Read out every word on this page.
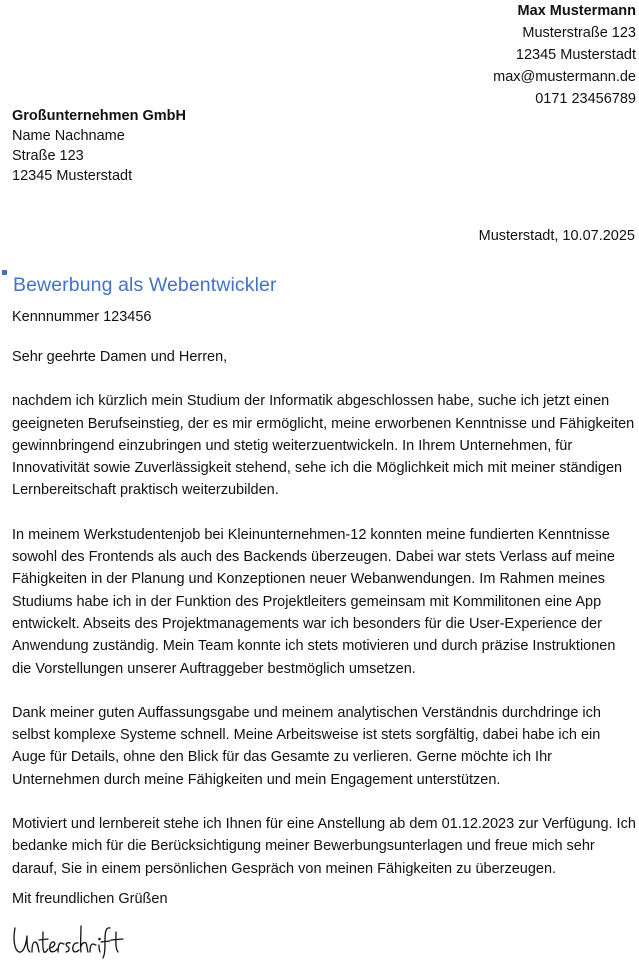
Max Mustermann
Musterstraße 123
12345 Musterstadt
max@mustermann.de
0171 23456789
Großunternehmen GmbH
Name Nachname
Straße 123
12345 Musterstadt
Musterstadt, 10.07.2025
Bewerbung als Webentwickler
Kennnummer 123456

Sehr geehrte Damen und Herren,

nachdem ich kürzlich mein Studium der Informatik abgeschlossen habe, suche ich jetzt einen geeigneten Berufseinstieg, der es mir ermöglicht, meine erworbenen Kenntnisse und Fähigkeiten gewinnbringend einzubringen und stetig weiterzuentwickeln. In Ihrem Unternehmen, für Innovativität sowie Zuverlässigkeit stehend, sehe ich die Möglichkeit mich mit meiner ständigen Lernbereitschaft praktisch weiterzubilden.

In meinem Werkstudentenjob bei Kleinunternehmen-12 konnten meine fundierten Kenntnisse sowohl des Frontends als auch des Backends überzeugen. Dabei war stets Verlass auf meine Fähigkeiten in der Planung und Konzeptionen neuer Webanwendungen. Im Rahmen meines Studiums habe ich in der Funktion des Projektleiters gemeinsam mit Kommilitonen eine App entwickelt. Abseits des Projektmanagements war ich besonders für die User-Experience der Anwendung zuständig. Mein Team konnte ich stets motivieren und durch präzise Instruktionen die Vorstellungen unserer Auftraggeber bestmöglich umsetzen.

Dank meiner guten Auffassungsgabe und meinem analytischen Verständnis durchdringe ich selbst komplexe Systeme schnell. Meine Arbeitsweise ist stets sorgfältig, dabei habe ich ein Auge für Details, ohne den Blick für das Gesamte zu verlieren. Gerne möchte ich Ihr Unternehmen durch meine Fähigkeiten und mein Engagement unterstützen.

Motiviert und lernbereit stehe ich Ihnen für eine Anstellung ab dem 01.12.2023 zur Verfügung. Ich bedanke mich für die Berücksichtigung meiner Bewerbungsunterlagen und freue mich sehr darauf, Sie in einem persönlichen Gespräch von meinen Fähigkeiten zu überzeugen.

Mit freundlichen Grüßen
